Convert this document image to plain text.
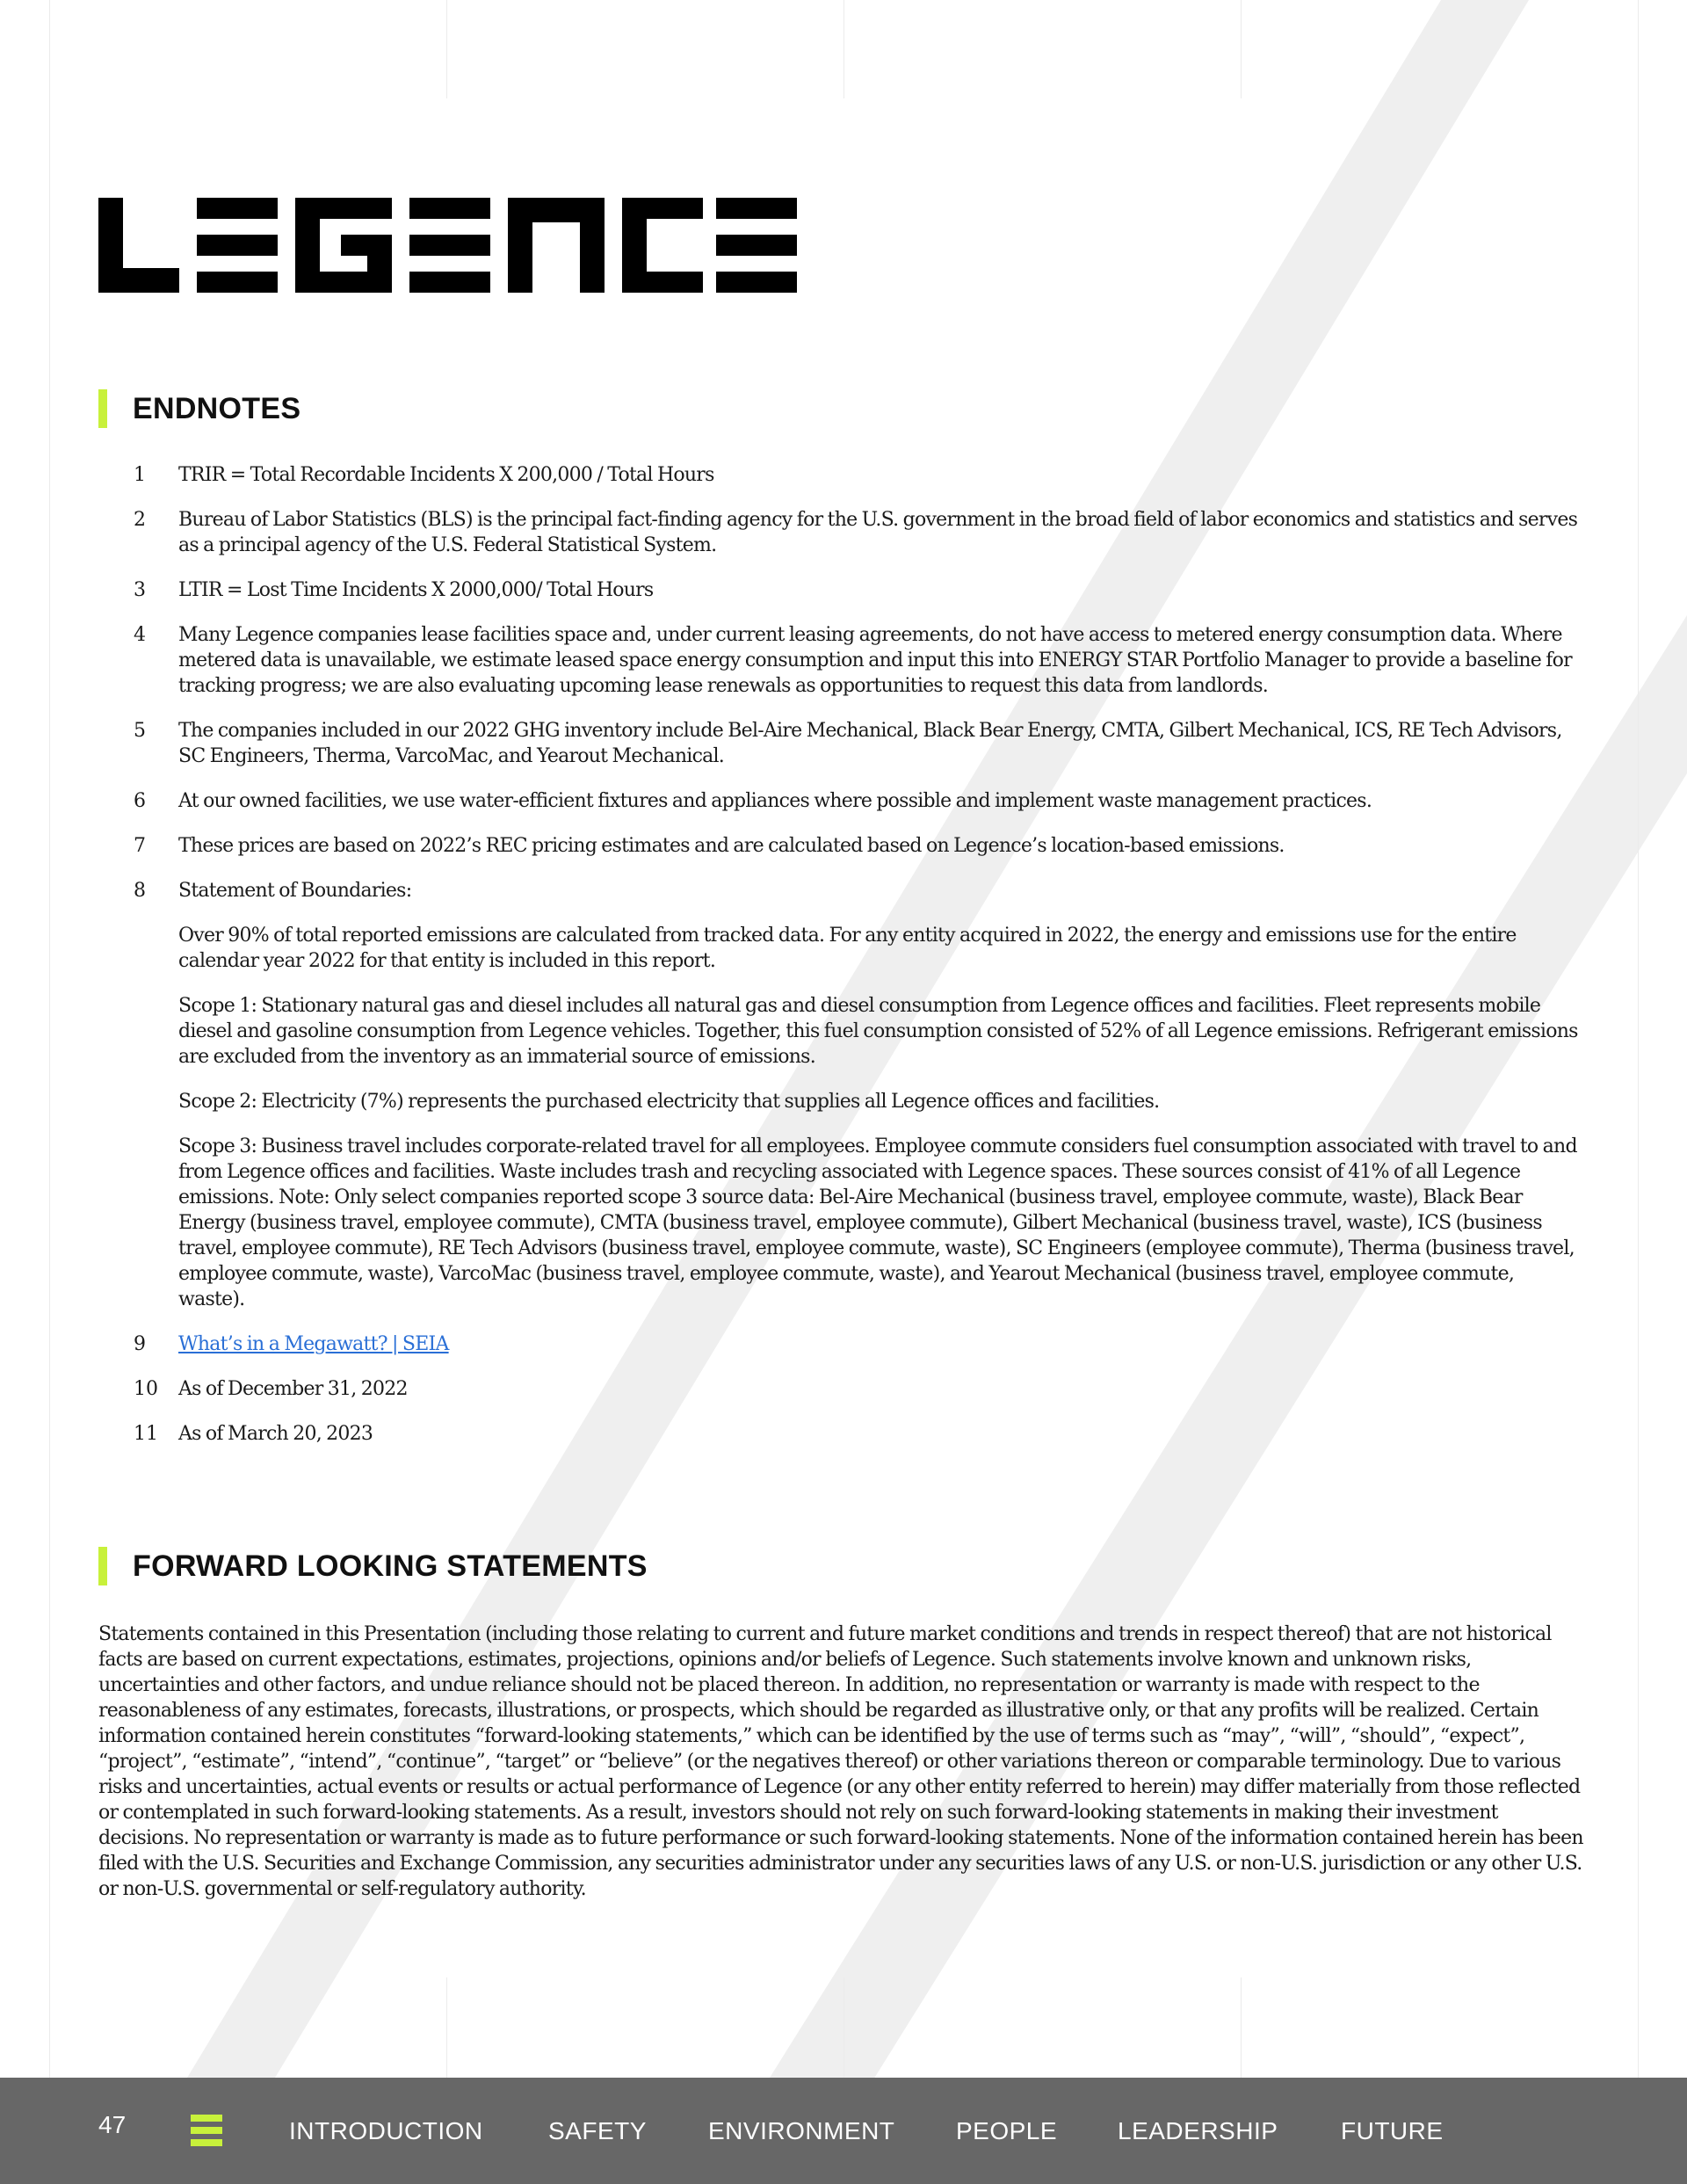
ENDNOTES
1	TRIR = Total Recordable Incidents X 200,000 / Total Hours
2	Bureau of Labor Statistics (BLS) is the principal fact-finding agency for the U.S. government in the broad field of labor economics and statistics and serves as a principal agency of the U.S. Federal Statistical System.
3	LTIR = Lost Time Incidents X 2000,000/ Total Hours
4	Many Legence companies lease facilities space and, under current leasing agreements, do not have access to metered energy consumption data. Where metered data is unavailable, we estimate leased space energy consumption and input this into ENERGY STAR Portfolio Manager to provide a baseline for tracking progress; we are also evaluating upcoming lease renewals as opportunities to request this data from landlords.
5	The companies included in our 2022 GHG inventory include Bel-Aire Mechanical, Black Bear Energy, CMTA, Gilbert Mechanical, ICS, RE Tech Advisors, SC Engineers, Therma, VarcoMac, and Yearout Mechanical.
6	At our owned facilities, we use water-efficient fixtures and appliances where possible and implement waste management practices.
7	These prices are based on 2022’s REC pricing estimates and are calculated based on Legence’s location-based emissions.
8	Statement of Boundaries:
Over 90% of total reported emissions are calculated from tracked data. For any entity acquired in 2022, the energy and emissions use for the entire calendar year 2022 for that entity is included in this report.
Scope 1: Stationary natural gas and diesel includes all natural gas and diesel consumption from Legence offices and facilities. Fleet represents mobile diesel and gasoline consumption from Legence vehicles. Together, this fuel consumption consisted of 52% of all Legence emissions. Refrigerant emissions are excluded from the inventory as an immaterial source of emissions.
Scope 2: Electricity (7%) represents the purchased electricity that supplies all Legence offices and facilities.
Scope 3: Business travel includes corporate-related travel for all employees. Employee commute considers fuel consumption associated with travel to and from Legence offices and facilities. Waste includes trash and recycling associated with Legence spaces. These sources consist of 41% of all Legence emissions. Note: Only select companies reported scope 3 source data: Bel-Aire Mechanical (business travel, employee commute, waste), Black Bear Energy (business travel, employee commute), CMTA (business travel, employee commute), Gilbert Mechanical (business travel, waste), ICS (business travel, employee commute), RE Tech Advisors (business travel, employee commute, waste), SC Engineers (employee commute), Therma (business travel, employee commute, waste), VarcoMac (business travel, employee commute, waste), and Yearout Mechanical (business travel, employee commute, waste).
9	What’s in a Megawatt? | SEIA
10	As of December 31, 2022
11	As of March 20, 2023
FORWARD LOOKING STATEMENTS
Statements contained in this Presentation (including those relating to current and future market conditions and trends in respect thereof) that are not historical facts are based on current expectations, estimates, projections, opinions and/or beliefs of Legence. Such statements involve known and unknown risks, uncertainties and other factors, and undue reliance should not be placed thereon. In addition, no representation or warranty is made with respect to the reasonableness of any estimates, forecasts, illustrations, or prospects, which should be regarded as illustrative only, or that any profits will be realized. Certain information contained herein constitutes “forward-looking statements,” which can be identified by the use of terms such as “may”, “will”, “should”, “expect”, “project”, “estimate”, “intend”, “continue”, “target” or “believe” (or the negatives thereof) or other variations thereon or comparable terminology. Due to various risks and uncertainties, actual events or results or actual performance of Legence (or any other entity referred to herein) may differ materially from those reflected or contemplated in such forward-looking statements. As a result, investors should not rely on such forward-looking statements in making their investment decisions. No representation or warranty is made as to future performance or such forward-looking statements. None of the information contained herein has been filed with the U.S. Securities and Exchange Commission, any securities administrator under any securities laws of any U.S. or non-U.S. jurisdiction or any other U.S. or non-U.S. governmental or self-regulatory authority.
47	INTRODUCTION	SAFETY	ENVIRONMENT PEOPLE LEADERSHIP	FUTURE
